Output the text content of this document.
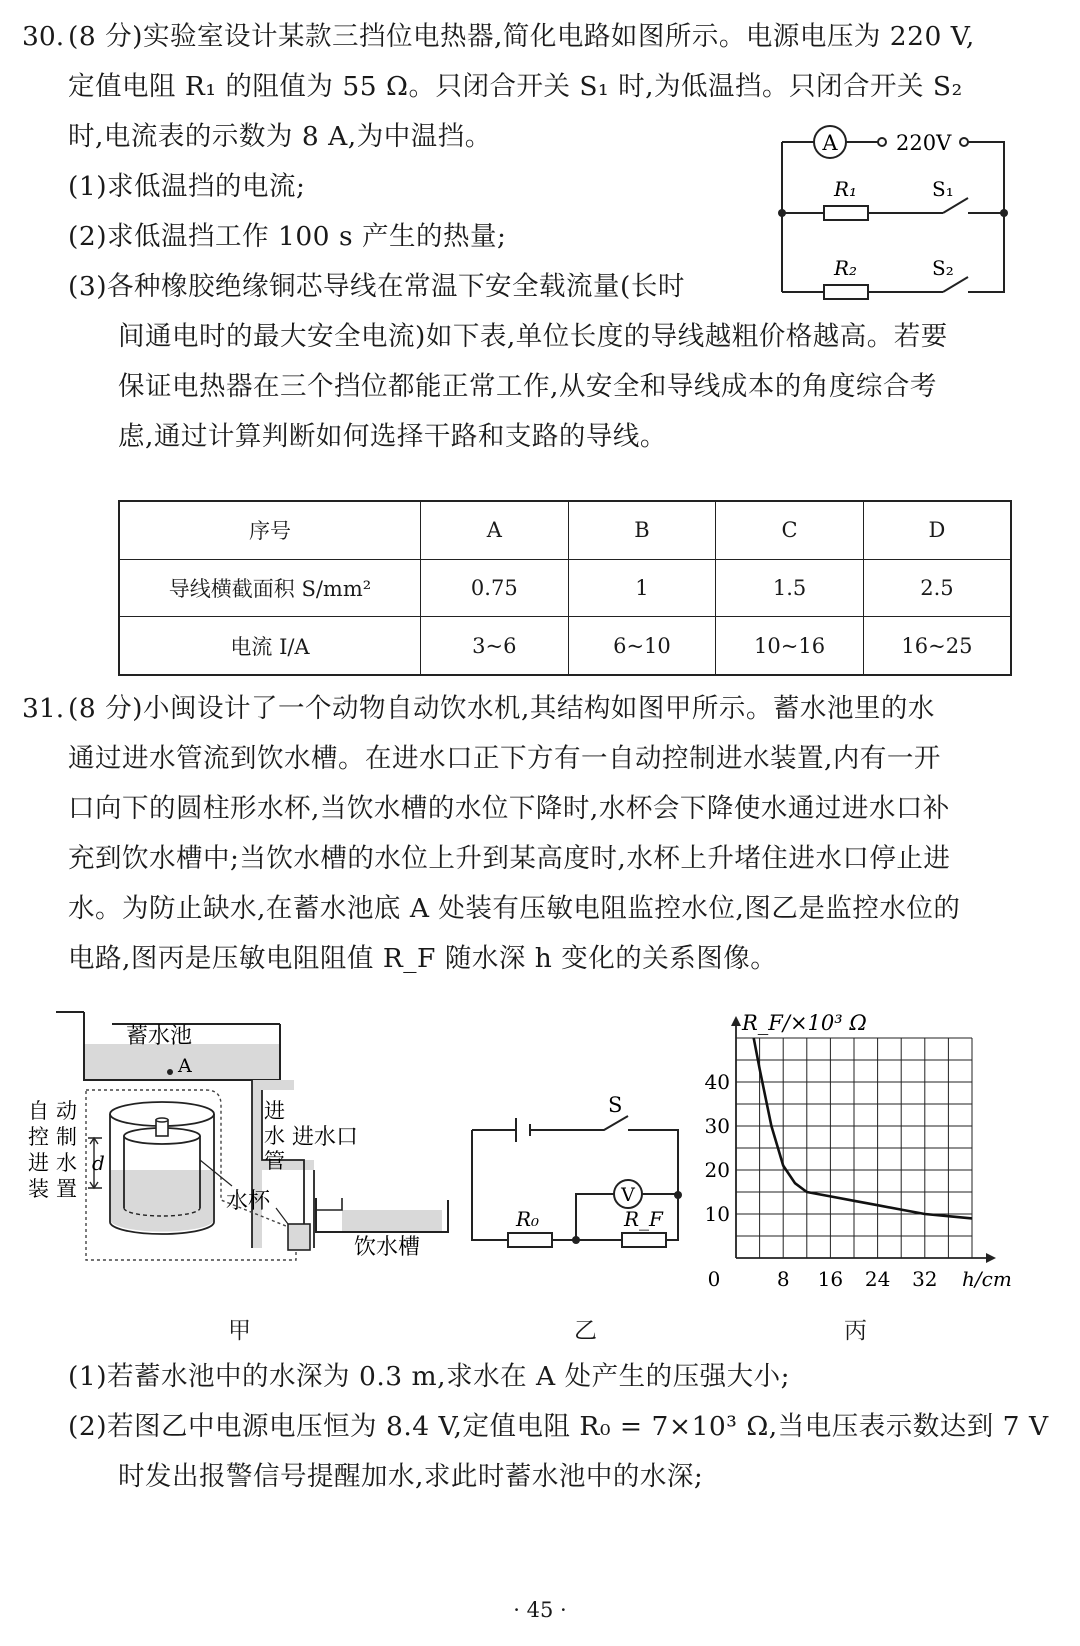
30. (8 分)实验室设计某款三挡位电热器,简化电路如图所示。电源电压为 220 V,
定值电阻 R₁ 的阻值为 55 Ω。只闭合开关 S₁ 时,为低温挡。只闭合开关 S₂
时,电流表的示数为 8 A,为中温挡。
(1)求低温挡的电流;
(2)求低温挡工作 100 s 产生的热量;
(3)各种橡胶绝缘铜芯导线在常温下安全载流量(长时
间通电时的最大安全电流)如下表,单位长度的导线越粗价格越高。若要
保证电热器在三个挡位都能正常工作,从安全和导线成本的角度综合考
虑,通过计算判断如何选择干路和支路的导线。
A	220V
R₁	S₁
R₂	S₂
序号	A	B	C	D
导线横截面积 S/mm²	0.75	1	1.5	2.5
电流 I/A	3~6	6~10	10~16	16~25
31. (8 分)小闽设计了一个动物自动饮水机,其结构如图甲所示。蓄水池里的水
通过进水管流到饮水槽。在进水口正下方有一自动控制进水装置,内有一开
口向下的圆柱形水杯,当饮水槽的水位下降时,水杯会下降使水通过进水口补
充到饮水槽中;当饮水槽的水位上升到某高度时,水杯上升堵住进水口停止进
水。为防止缺水,在蓄水池底 A 处装有压敏电阻监控水位,图乙是监控水位的
电路,图丙是压敏电阻阻值 R_F 随水深 h 变化的关系图像。
蓄水池
A
进
水
管
进水口
d
自 动
控 制
进 水
装 置	水杯
饮水槽
V
S
R₀	R_F
0	8 16 24 32
10
20
30
40
R_F/×10³ Ω
h/cm
甲	乙	丙
(1)若蓄水池中的水深为 0.3 m,求水在 A 处产生的压强大小;
(2)若图乙中电源电压恒为 8.4 V,定值电阻 R₀ = 7×10³ Ω,当电压表示数达到 7 V
时发出报警信号提醒加水,求此时蓄水池中的水深;
· 45 ·
